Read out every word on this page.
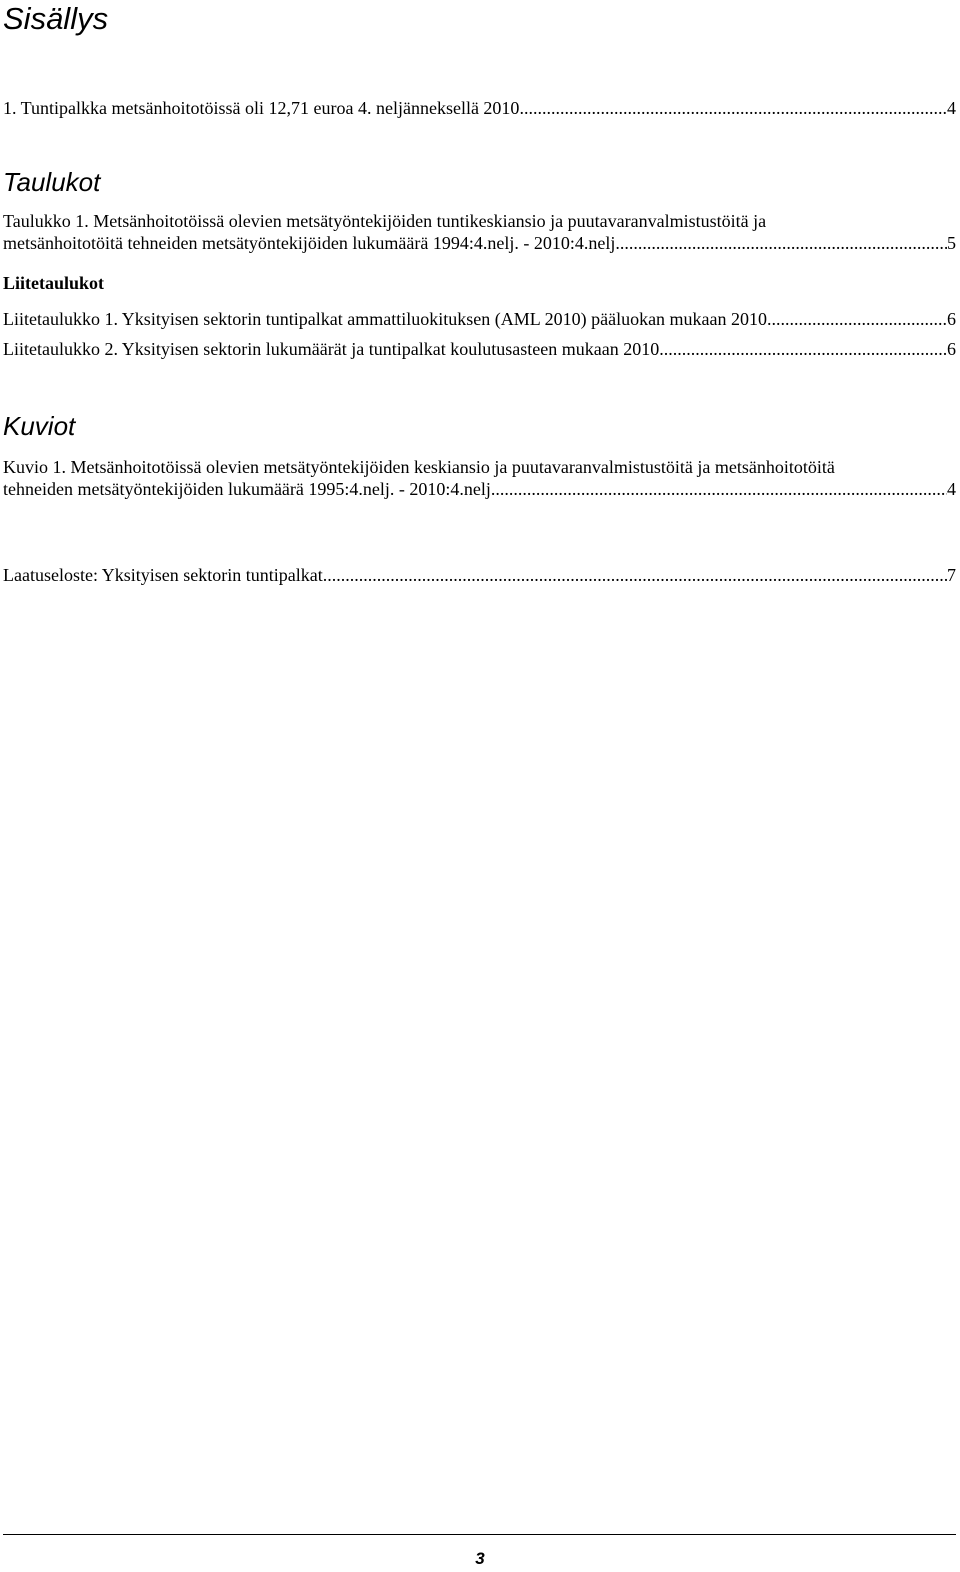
Sisällys
1. Tuntipalkka metsänhoitotöissä oli 12,71 euroa 4. neljänneksellä 2010 .....	4
Taulukot
Taulukko 1. Metsänhoitotöissä olevien metsätyöntekijöiden tuntikeskiansio ja puutavaranvalmistustöitä ja
metsänhoitotöitä tehneiden metsätyöntekijöiden lukumäärä 1994:4.nelj. - 2010:4.nelj. .....	5
Liitetaulukot
Liitetaulukko 1. Yksityisen sektorin tuntipalkat ammattiluokituksen (AML 2010) pääluokan mukaan 2010 .....	6
Liitetaulukko 2. Yksityisen sektorin lukumäärät ja tuntipalkat koulutusasteen mukaan 2010 .....	6
Kuviot
Kuvio 1. Metsänhoitotöissä olevien metsätyöntekijöiden keskiansio ja puutavaranvalmistustöitä ja metsänhoitotöitä
tehneiden metsätyöntekijöiden lukumäärä 1995:4.nelj. - 2010:4.nelj .....	4
Laatuseloste: Yksityisen sektorin tuntipalkat .....	7
3
